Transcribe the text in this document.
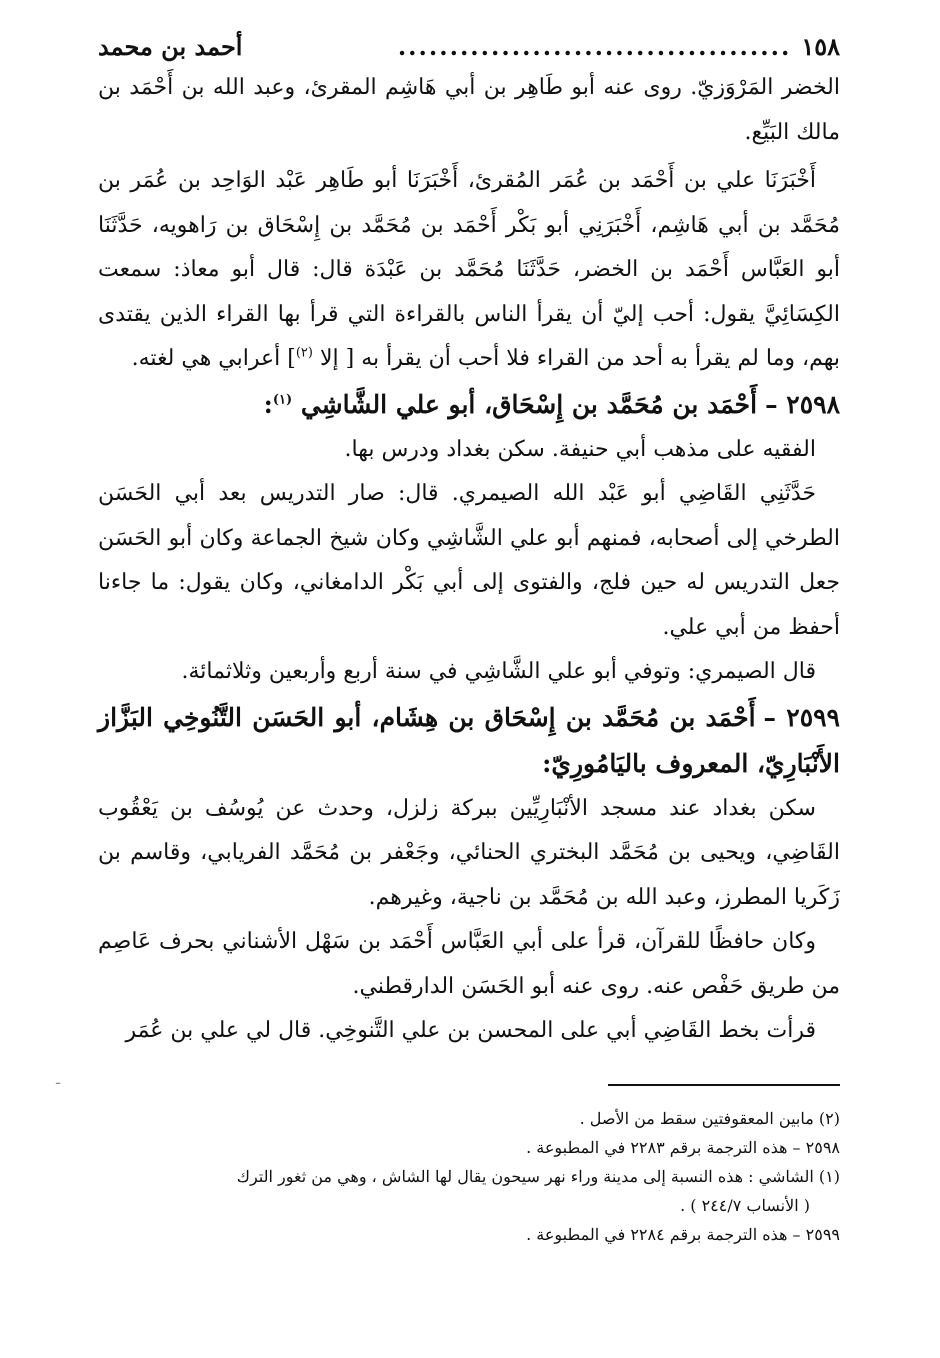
١٥٨
......................................
أحمد بن محمد

الخضر المَرْوَزيّ. روى عنه أبو طَاهِر بن أبي هَاشِم المقرئ، وعبد الله بن أَحْمَد بن مالك البَيِّع.

أَخْبَرَنَا علي بن أَحْمَد بن عُمَر المُقرئ، أَخْبَرَنَا أبو طَاهِر عَبْد الوَاحِد بن عُمَر بن مُحَمَّد بن أبي هَاشِم، أَخْبَرَنِي أبو بَكْر أَحْمَد بن مُحَمَّد بن إِسْحَاق بن رَاهويه، حَدَّثَنَا أبو العَبَّاس أَحْمَد بن الخضر، حَدَّثَنَا مُحَمَّد بن عَبْدَة قال: قال أبو معاذ: سمعت الكِسَائِيَّ يقول: أحب إليّ أن يقرأ الناس بالقراءة التي قرأ بها القراء الذين يقتدى بهم، وما لم يقرأ به أحد من القراء فلا أحب أن يقرأ به [ إلا $^{(٢)}$] أعرابي هي لغته.

٢٥٩٨ –أَحْمَد بن مُحَمَّد بن إِسْحَاق، أبو علي الشَّاشِي $^{(١)}$:

الفقيه على مذهب أبي حنيفة. سكن بغداد ودرس بها.

حَدَّثَنِي القَاضِي أبو عَبْد الله الصيمري. قال: صار التدريس بعد أبي الحَسَن الطرخي إلى أصحابه، فمنهم أبو علي الشَّاشِي وكان شيخ الجماعة وكان أبو الحَسَن جعل التدريس له حين فلج، والفتوى إلى أبي بَكْر الدامغاني، وكان يقول: ما جاءنا أحفظ من أبي علي.

قال الصيمري: وتوفي أبو علي الشَّاشِي في سنة أربع وأربعين وثلاثمائة.

٢٥٩٩ –أَحْمَد بن مُحَمَّد بن إِسْحَاق بن هِشَام، أبو الحَسَن التَّنُوخِي البَزَّاز الأَنْبَارِيّ، المعروف باليَامُورِيّ:

سكن بغداد عند مسجد الأنْبَارِيِّين ببركة زلزل، وحدث عن يُوسُف بن يَعْقُوب القَاضِي، ويحيى بن مُحَمَّد البختري الحنائي، وجَعْفر بن مُحَمَّد الفريابي، وقاسم بن زَكَريا المطرز، وعبد الله بن مُحَمَّد بن ناجية، وغيرهم.

وكان حافظًا للقرآن، قرأ على أبي العَبَّاس أَحْمَد بن سَهْل الأشناني بحرف عَاصِم من طريق حَفْص عنه. روى عنه أبو الحَسَن الدارقطني.

قرأت بخط القَاضِي أبي على المحسن بن علي التَّنوخِي. قال لي علي بن عُمَر

(٢) مابين المعقوفتين سقط من الأصل .

٢٥٩٨ – هذه الترجمة برقم ٢٢٨٣ في المطبوعة .

(١) الشاشي : هذه النسبة إلى مدينة وراء نهر سيحون يقال لها الشاش ، وهي من ثغور الترك

( الأنساب ٢٤٤/٧ ) .

٢٥٩٩ – هذه الترجمة برقم ٢٢٨٤ في المطبوعة .

ـ
